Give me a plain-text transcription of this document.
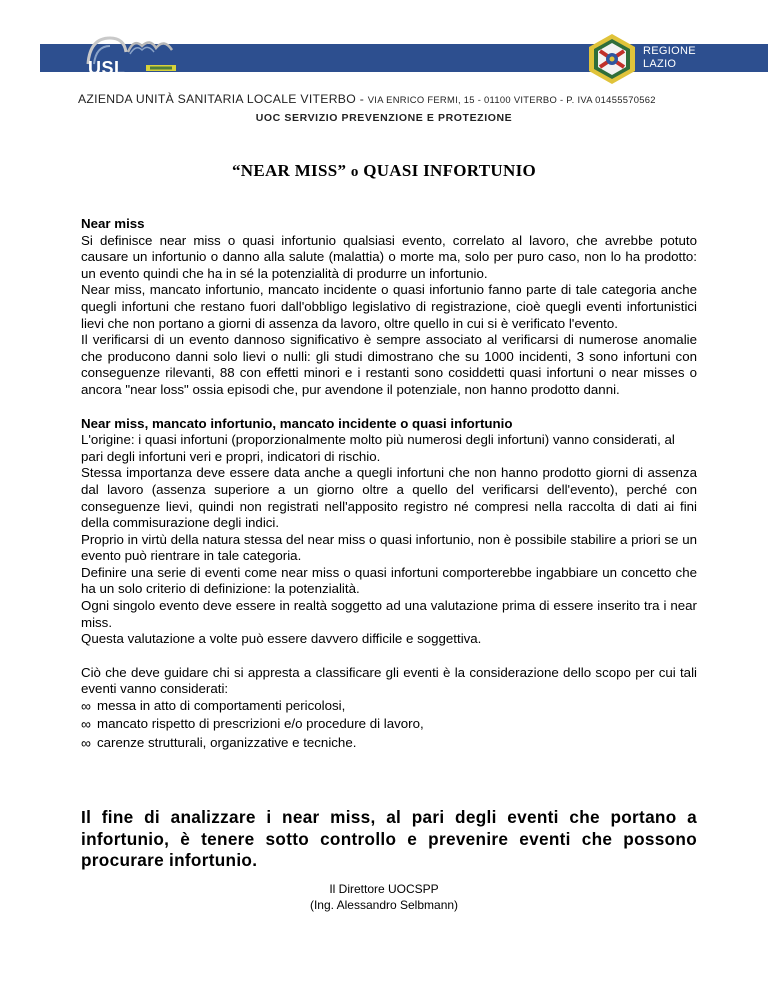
USL
REGIONE
LAZIO
AZIENDA UNITÀ SANITARIA LOCALE VITERBO - VIA ENRICO FERMI, 15 - 01100 VITERBO - P. IVA 01455570562
UOC SERVIZIO PREVENZIONE E PROTEZIONE
“NEAR MISS” o QUASI INFORTUNIO

Near miss

Si definisce near miss o quasi infortunio qualsiasi evento, correlato al lavoro, che avrebbe potuto causare un infortunio o danno alla salute (malattia) o morte ma, solo per puro caso, non lo ha prodotto: un evento quindi che ha in sé la potenzialità di produrre un infortunio.

Near miss, mancato infortunio, mancato incidente o quasi infortunio fanno parte di tale categoria anche quegli infortuni che restano fuori dall'obbligo legislativo di registrazione, cioè quegli eventi infortunistici lievi che non portano a giorni di assenza da lavoro, oltre quello in cui si è verificato l'evento.

Il verificarsi di un evento dannoso significativo è sempre associato al verificarsi di numerose anomalie che producono danni solo lievi o nulli: gli studi dimostrano che su 1000 incidenti, 3 sono infortuni con conseguenze rilevanti, 88 con effetti minori e i restanti sono cosiddetti quasi infortuni o near misses o ancora "near loss" ossia episodi che, pur avendone il potenziale, non hanno prodotto danni.

Near miss, mancato infortunio, mancato incidente o quasi infortunio

L'origine: i quasi infortuni (proporzionalmente molto più numerosi degli infortuni) vanno considerati, al pari degli infortuni veri e propri, indicatori di rischio.

Stessa importanza deve essere data anche a quegli infortuni che non hanno prodotto giorni di assenza dal lavoro (assenza superiore a un giorno oltre a quello del verificarsi dell'evento), perché con conseguenze lievi, quindi non registrati nell'apposito registro né compresi nella raccolta di dati ai fini della commisurazione degli indici.

Proprio in virtù della natura stessa del near miss o quasi infortunio, non è possibile stabilire a priori se un evento può rientrare in tale categoria.

Definire una serie di eventi come near miss o quasi infortuni comporterebbe ingabbiare un concetto che ha un solo criterio di definizione: la potenzialità.

Ogni singolo evento deve essere in realtà soggetto ad una valutazione prima di essere inserito tra i near miss.

Questa valutazione a volte può essere davvero difficile e soggettiva.

Ciò che deve guidare chi si appresta a classificare gli eventi è la considerazione dello scopo per cui tali eventi vanno considerati:

∞ messa in atto di comportamenti pericolosi,
∞ mancato rispetto di prescrizioni e/o procedure di lavoro,
∞ carenze strutturali, organizzative e tecniche.
Il fine di analizzare i near miss, al pari degli eventi che portano a infortunio, è tenere sotto controllo e prevenire eventi che possono procurare infortunio.
Il Direttore UOCSPP
(Ing. Alessandro Selbmann)
